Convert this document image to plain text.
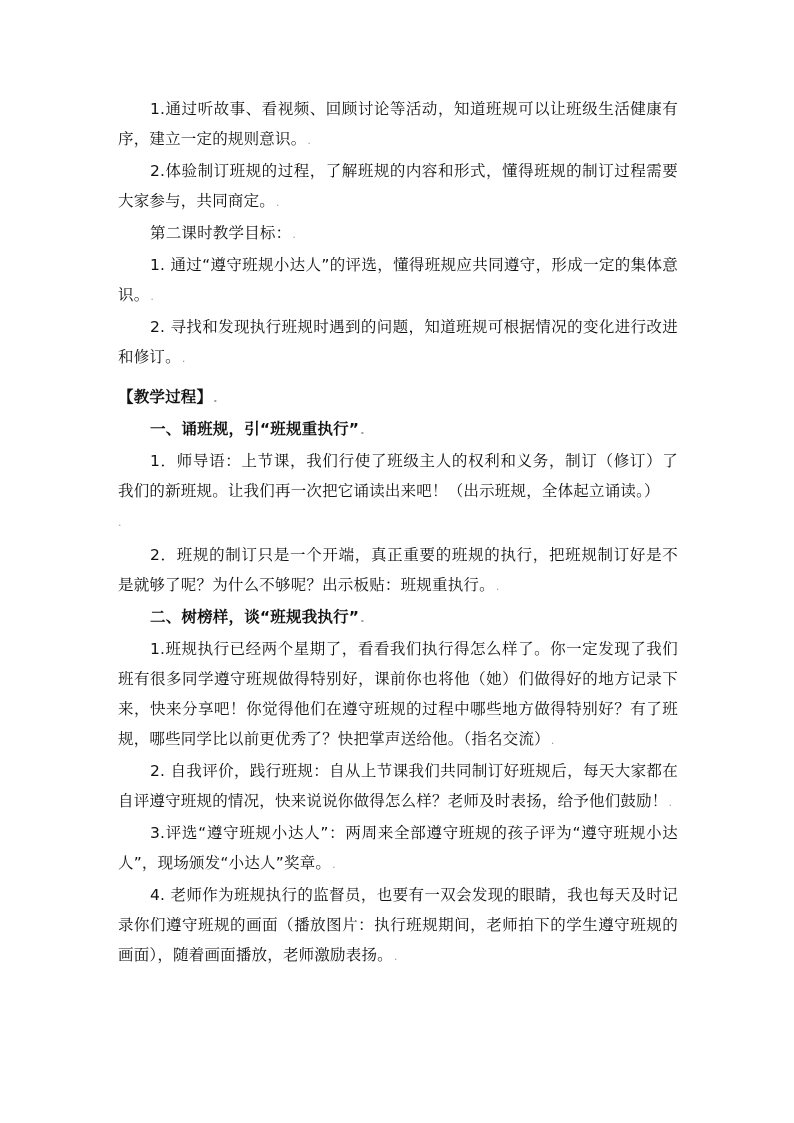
1.通过听故事、看视频、回顾讨论等活动，知道班规可以让班级生活健康有序，建立一定的规则意识。.

2.体验制订班规的过程，了解班规的内容和形式，懂得班规的制订过程需要大家参与，共同商定。.

第二课时教学目标：.

1. 通过“遵守班规小达人”的评选，懂得班规应共同遵守，形成一定的集体意识。.

2. 寻找和发现执行班规时遇到的问题，知道班规可根据情况的变化进行改进和修订。.

【教学过程】.

一、诵班规，引“班规重执行”.

1．师导语：上节课，我们行使了班级主人的权利和义务，制订（修订）了我们的新班规。让我们再一次把它诵读出来吧！（出示班规，全体起立诵读。）

.

2．班规的制订只是一个开端，真正重要的班规的执行，把班规制订好是不是就够了呢？为什么不够呢？出示板贴：班规重执行。.

二、树榜样，谈“班规我执行”.

1.班规执行已经两个星期了，看看我们执行得怎么样了。你一定发现了我们班有很多同学遵守班规做得特别好，课前你也将他（她）们做得好的地方记录下来，快来分享吧！你觉得他们在遵守班规的过程中哪些地方做得特别好？有了班规，哪些同学比以前更优秀了？快把掌声送给他。（指名交流）.

2. 自我评价，践行班规：自从上节课我们共同制订好班规后，每天大家都在自评遵守班规的情况，快来说说你做得怎么样？老师及时表扬，给予他们鼓励！.

3.评选“遵守班规小达人”：两周来全部遵守班规的孩子评为“遵守班规小达人”，现场颁发“小达人”奖章。.

4. 老师作为班规执行的监督员，也要有一双会发现的眼睛，我也每天及时记录你们遵守班规的画面（播放图片：执行班规期间，老师拍下的学生遵守班规的画面），随着画面播放，老师激励表扬。.
